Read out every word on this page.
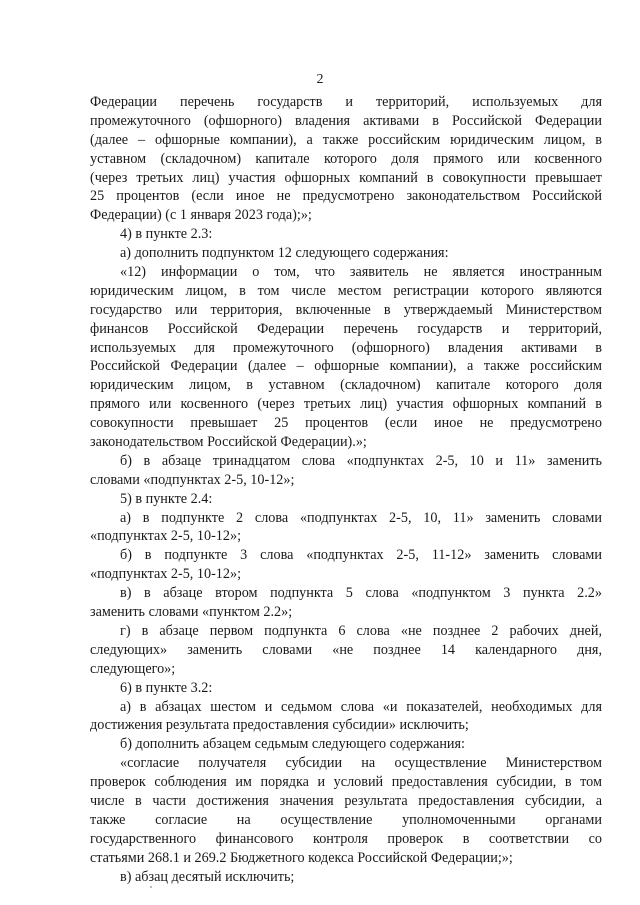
2
Федерации перечень государств и территорий, используемых для
промежуточного (офшорного) владения активами в Российской Федерации
(далее – офшорные компании), а также российским юридическим лицом, в
уставном (складочном) капитале которого доля прямого или косвенного
(через третьих лиц) участия офшорных компаний в совокупности превышает
25 процентов (если иное не предусмотрено законодательством Российской
Федерации) (с 1 января 2023 года);»;
4) в пункте 2.3:
а) дополнить подпунктом 12 следующего содержания:
«12) информации о том, что заявитель не является иностранным
юридическим лицом, в том числе местом регистрации которого являются
государство или территория, включенные в утверждаемый Министерством
финансов Российской Федерации перечень государств и территорий,
используемых для промежуточного (офшорного) владения активами в
Российской Федерации (далее – офшорные компании), а также российским
юридическим лицом, в уставном (складочном) капитале которого доля
прямого или косвенного (через третьих лиц) участия офшорных компаний в
совокупности превышает 25 процентов (если иное не предусмотрено
законодательством Российской Федерации).»;
б) в абзаце тринадцатом слова «подпунктах 2-5, 10 и 11» заменить
словами «подпунктах 2-5, 10-12»;
5) в пункте 2.4:
а) в подпункте 2 слова «подпунктах 2-5, 10, 11» заменить словами
«подпунктах 2-5, 10-12»;
б) в подпункте 3 слова «подпунктах 2-5, 11-12» заменить словами
«подпунктах 2-5, 10-12»;
в) в абзаце втором подпункта 5 слова «подпунктом 3 пункта 2.2»
заменить словами «пунктом 2.2»;
г) в абзаце первом подпункта 6 слова «не позднее 2 рабочих дней,
следующих» заменить словами «не позднее 14 календарного дня,
следующего»;
6) в пункте 3.2:
а) в абзацах шестом и седьмом слова «и показателей, необходимых для
достижения результата предоставления субсидии» исключить;
б) дополнить абзацем седьмым следующего содержания:
«согласие получателя субсидии на осуществление Министерством
проверок соблюдения им порядка и условий предоставления субсидии, в том
числе в части достижения значения результата предоставления субсидии, а
также согласие на осуществление уполномоченными органами
государственного финансового контроля проверок в соответствии со
статьями 268.1 и 269.2 Бюджетного кодекса Российской Федерации;»;
в) абзац десятый исключить;
